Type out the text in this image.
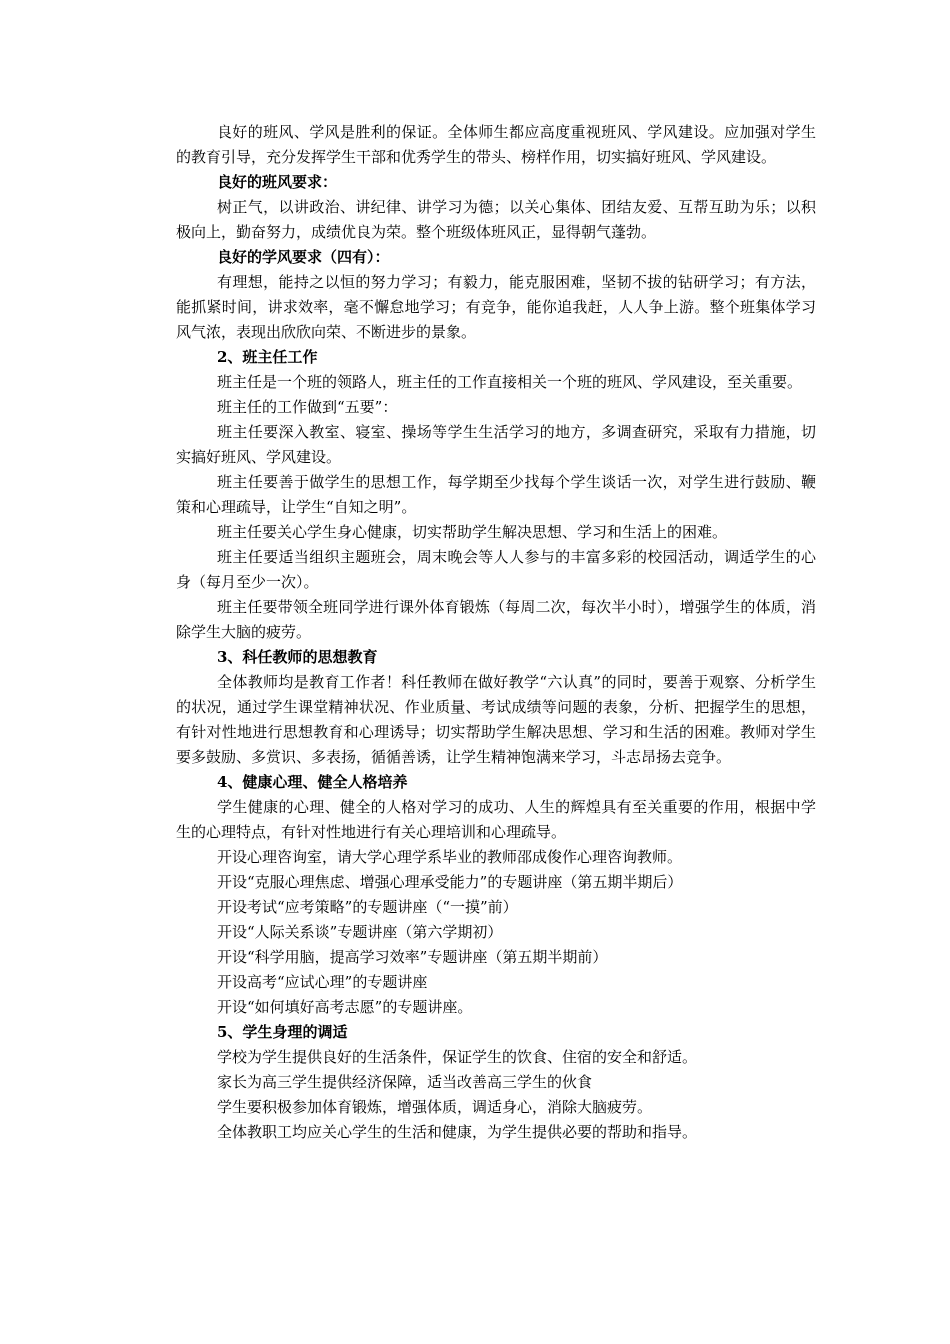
良好的班风、学风是胜利的保证。全体师生都应高度重视班风、学风建设。应加强对学生的教育引导，充分发挥学生干部和优秀学生的带头、榜样作用，切实搞好班风、学风建设。

良好的班风要求：

树正气，以讲政治、讲纪律、讲学习为德；以关心集体、团结友爱、互帮互助为乐；以积极向上，勤奋努力，成绩优良为荣。整个班级体班风正，显得朝气蓬勃。

良好的学风要求（四有）：

有理想，能持之以恒的努力学习；有毅力，能克服困难，坚韧不拔的钻研学习；有方法，能抓紧时间，讲求效率，毫不懈怠地学习；有竞争，能你追我赶，人人争上游。整个班集体学习风气浓，表现出欣欣向荣、不断进步的景象。

2、班主任工作

班主任是一个班的领路人，班主任的工作直接相关一个班的班风、学风建设，至关重要。

班主任的工作做到“五要”：

班主任要深入教室、寝室、操场等学生生活学习的地方，多调查研究，采取有力措施，切实搞好班风、学风建设。

班主任要善于做学生的思想工作，每学期至少找每个学生谈话一次，对学生进行鼓励、鞭策和心理疏导，让学生“自知之明”。

班主任要关心学生身心健康，切实帮助学生解决思想、学习和生活上的困难。

班主任要适当组织主题班会，周末晚会等人人参与的丰富多彩的校园活动，调适学生的心身（每月至少一次）。

班主任要带领全班同学进行课外体育锻炼（每周二次，每次半小时），增强学生的体质，消除学生大脑的疲劳。

3、科任教师的思想教育

全体教师均是教育工作者！科任教师在做好教学“六认真”的同时，要善于观察、分析学生的状况，通过学生课堂精神状况、作业质量、考试成绩等问题的表象，分析、把握学生的思想，有针对性地进行思想教育和心理诱导；切实帮助学生解决思想、学习和生活的困难。教师对学生要多鼓励、多赏识、多表扬，循循善诱，让学生精神饱满来学习，斗志昂扬去竞争。

4、健康心理、健全人格培养

学生健康的心理、健全的人格对学习的成功、人生的辉煌具有至关重要的作用，根据中学生的心理特点，有针对性地进行有关心理培训和心理疏导。

开设心理咨询室，请大学心理学系毕业的教师邵成俊作心理咨询教师。

开设“克服心理焦虑、增强心理承受能力”的专题讲座（第五期半期后）

开设考试“应考策略”的专题讲座（“一摸”前）

开设“人际关系谈”专题讲座（第六学期初）

开设“科学用脑，提高学习效率”专题讲座（第五期半期前）

开设高考“应试心理”的专题讲座

开设“如何填好高考志愿”的专题讲座。

5、学生身理的调适

学校为学生提供良好的生活条件，保证学生的饮食、住宿的安全和舒适。

家长为高三学生提供经济保障，适当改善高三学生的伙食

学生要积极参加体育锻炼，增强体质，调适身心，消除大脑疲劳。

全体教职工均应关心学生的生活和健康，为学生提供必要的帮助和指导。
